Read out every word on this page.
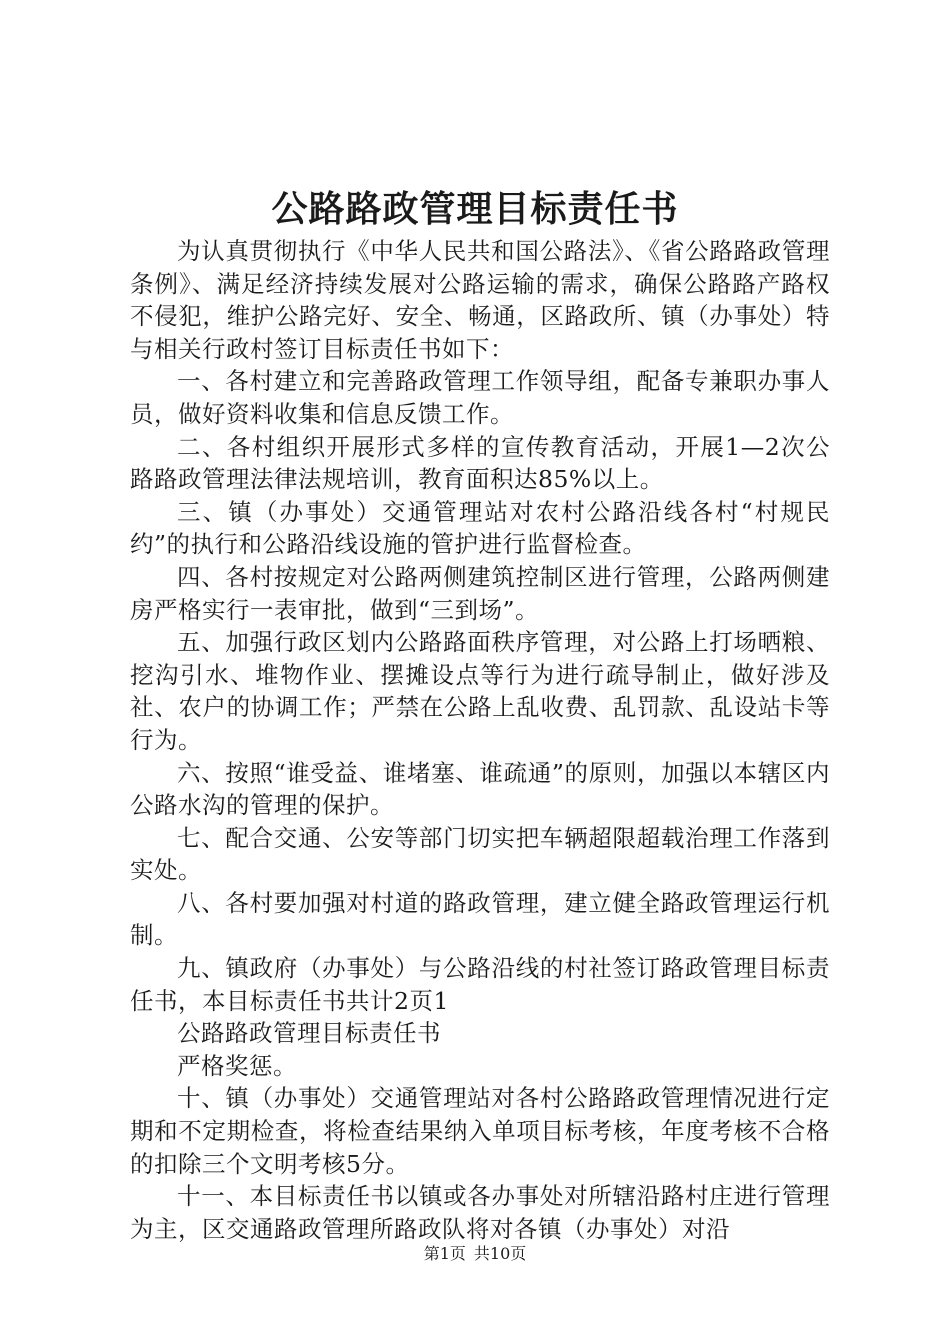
公路路政管理目标责任书

为认真贯彻执行《中华人民共和国公路法》、《省公路路政管理条例》、满足经济持续发展对公路运输的需求，确保公路路产路权不侵犯，维护公路完好、安全、畅通，区路政所、镇（办事处）特与相关行政村签订目标责任书如下：

一、各村建立和完善路政管理工作领导组，配备专兼职办事人员，做好资料收集和信息反馈工作。

二、各村组织开展形式多样的宣传教育活动，开展1—2次公路路政管理法律法规培训，教育面积达85%以上。

三、镇（办事处）交通管理站对农村公路沿线各村“村规民约”的执行和公路沿线设施的管护进行监督检查。

四、各村按规定对公路两侧建筑控制区进行管理，公路两侧建房严格实行一表审批，做到“三到场”。

五、加强行政区划内公路路面秩序管理，对公路上打场晒粮、挖沟引水、堆物作业、摆摊设点等行为进行疏导制止，做好涉及社、农户的协调工作；严禁在公路上乱收费、乱罚款、乱设站卡等行为。

六、按照“谁受益、谁堵塞、谁疏通”的原则，加强以本辖区内公路水沟的管理的保护。

七、配合交通、公安等部门切实把车辆超限超载治理工作落到实处。

八、各村要加强对村道的路政管理，建立健全路政管理运行机制。

九、镇政府（办事处）与公路沿线的村社签订路政管理目标责任书，本目标责任书共计2页1

公路路政管理目标责任书

严格奖惩。

十、镇（办事处）交通管理站对各村公路路政管理情况进行定期和不定期检查，将检查结果纳入单项目标考核，年度考核不合格的扣除三个文明考核5分。

十一、本目标责任书以镇或各办事处对所辖沿路村庄进行管理为主，区交通路政管理所路政队将对各镇（办事处）对沿

第1页 共10页
